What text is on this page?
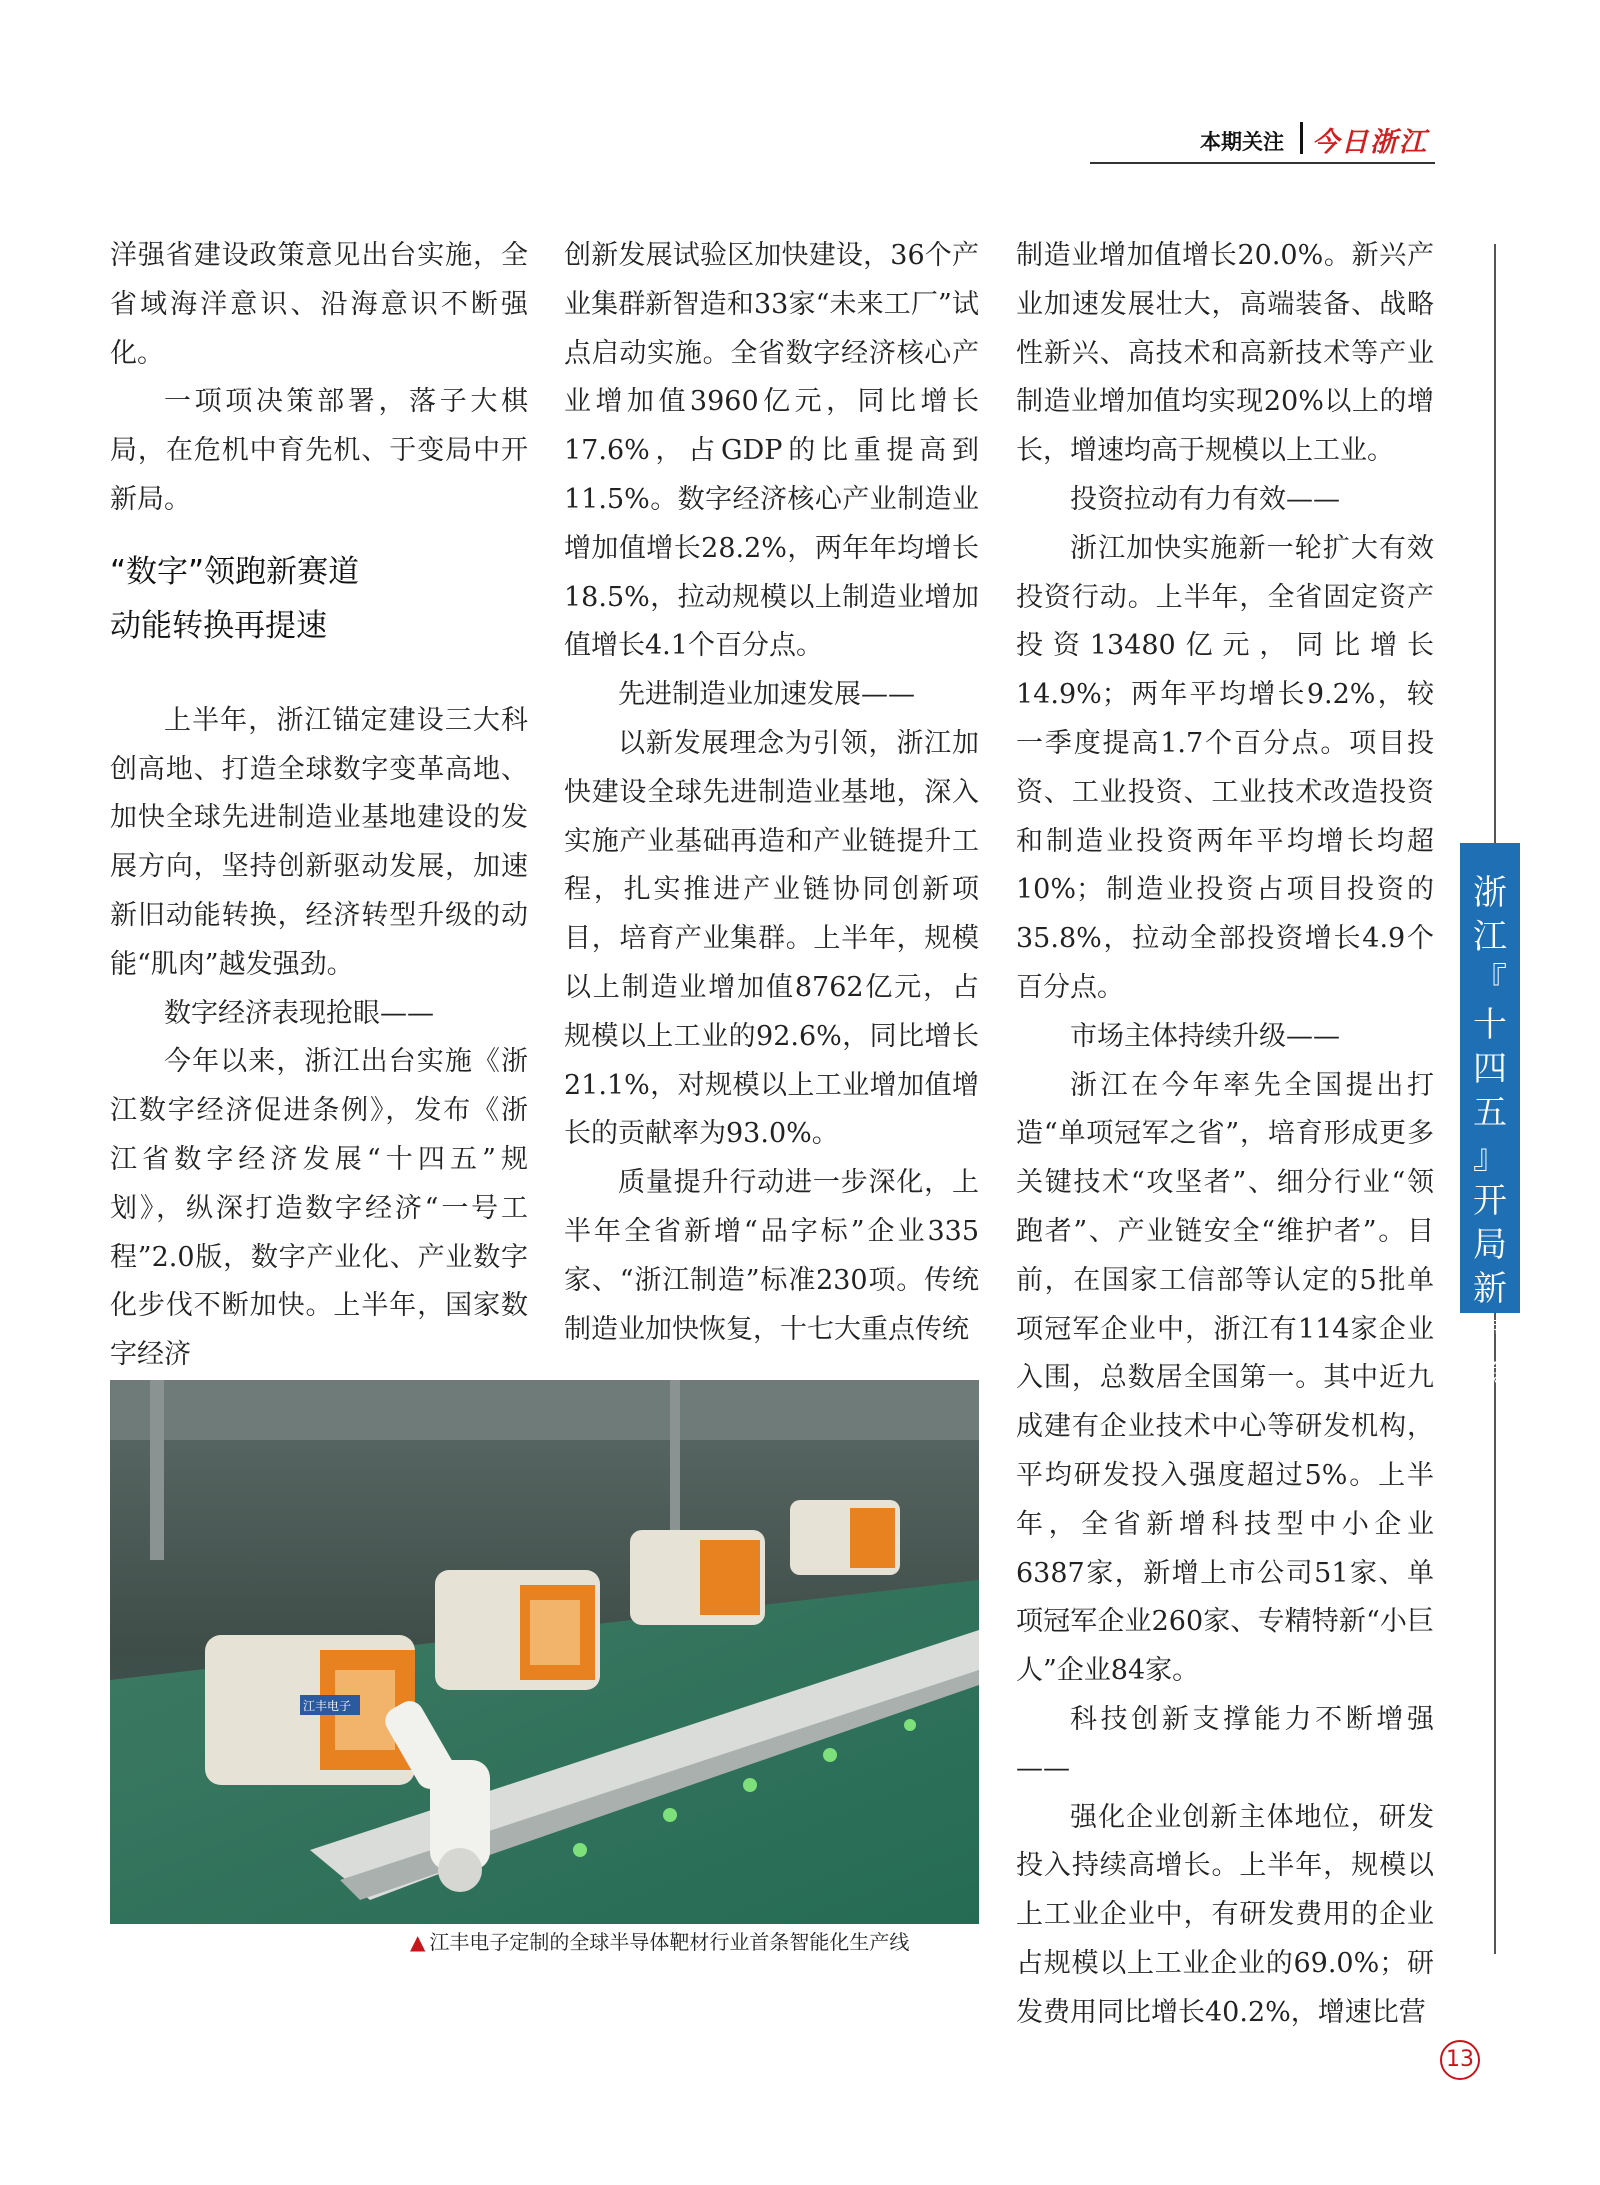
本期关注 今日浙江

洋强省建设政策意见出台实施，全省域海洋意识、沿海意识不断强化。

一项项决策部署，落子大棋局，在危机中育先机、于变局中开新局。

“数字”领跑新赛道
动能转换再提速

上半年，浙江锚定建设三大科创高地、打造全球数字变革高地、加快全球先进制造业基地建设的发展方向，坚持创新驱动发展，加速新旧动能转换，经济转型升级的动能“肌肉”越发强劲。

数字经济表现抢眼——

今年以来，浙江出台实施《浙江数字经济促进条例》，发布《浙江省数字经济发展“十四五”规划》，纵深打造数字经济“一号工程”2.0版，数字产业化、产业数字化步伐不断加快。上半年，国家数字经济

创新发展试验区加快建设，36个产业集群新智造和33家“未来工厂”试点启动实施。全省数字经济核心产业增加值3960亿元，同比增长17.6%，占GDP的比重提高到11.5%。数字经济核心产业制造业增加值增长28.2%，两年年均增长18.5%，拉动规模以上制造业增加值增长4.1个百分点。

先进制造业加速发展——

以新发展理念为引领，浙江加快建设全球先进制造业基地，深入实施产业基础再造和产业链提升工程，扎实推进产业链协同创新项目，培育产业集群。上半年，规模以上制造业增加值8762亿元，占规模以上工业的92.6%，同比增长21.1%，对规模以上工业增加值增长的贡献率为93.0%。

质量提升行动进一步深化，上半年全省新增“品字标”企业335家、“浙江制造”标准230项。传统制造业加快恢复，十七大重点传统

制造业增加值增长20.0%。新兴产业加速发展壮大，高端装备、战略性新兴、高技术和高新技术等产业制造业增加值均实现20%以上的增长，增速均高于规模以上工业。

投资拉动有力有效——

浙江加快实施新一轮扩大有效投资行动。上半年，全省固定资产投资13480亿元，同比增长14.9%；两年平均增长9.2%，较一季度提高1.7个百分点。项目投资、工业投资、工业技术改造投资和制造业投资两年平均增长均超10%；制造业投资占项目投资的35.8%，拉动全部投资增长4.9个百分点。

市场主体持续升级——

浙江在今年率先全国提出打造“单项冠军之省”，培育形成更多关键技术“攻坚者”、细分行业“领跑者”、产业链安全“维护者”。目前，在国家工信部等认定的5批单项冠军企业中，浙江有114家企业入围，总数居全国第一。其中近九成建有企业技术中心等研发机构，平均研发投入强度超过5%。上半年，全省新增科技型中小企业6387家，新增上市公司51家、单项冠军企业260家、专精特新“小巨人”企业84家。

科技创新支撑能力不断增强——

强化企业创新主体地位，研发投入持续高增长。上半年，规模以上工业企业中，有研发费用的企业占规模以上工业企业的69.0%；研发费用同比增长40.2%，增速比营

浙
江
『
十
四
五
』
开
局
新
气
象
江丰电子
▲ 江丰电子定制的全球半导体靶材行业首条智能化生产线
13
